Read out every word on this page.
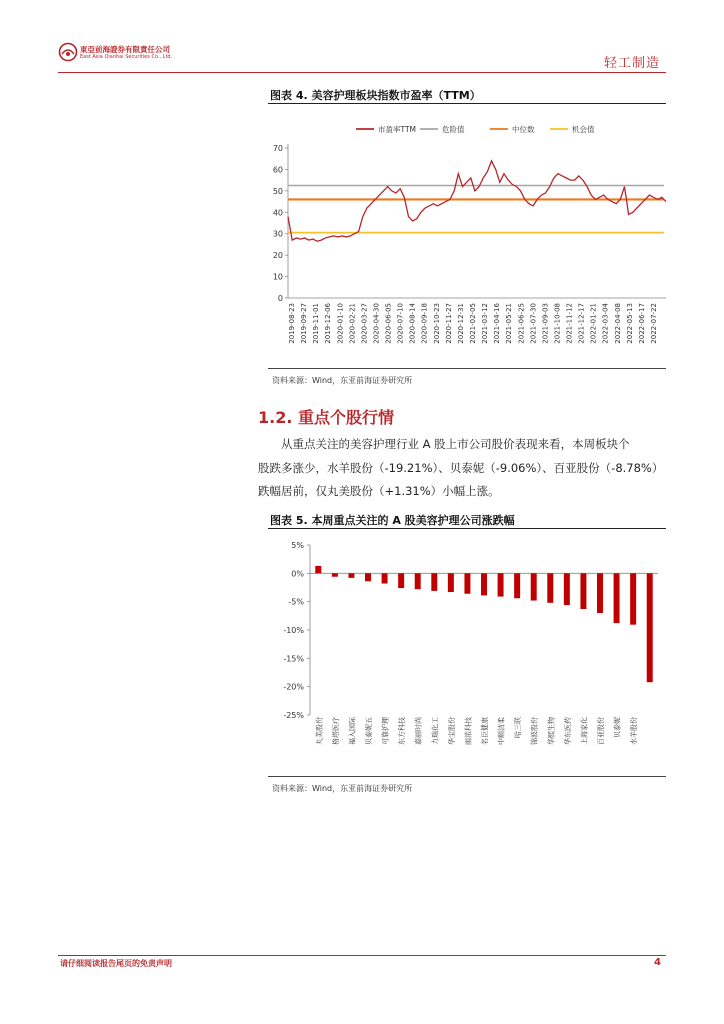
東亞前海證券有限責任公司
East Asia Qianhai Securities Co., Ltd.	轻工制造
图表 4. 美容护理板块指数市盈率（TTM）
市盈率TTM	危险值	中位数	机会值
0
10
20
30
40
50
60
70
2019-08-23 2019-09-27 2019-11-01 2019-12-06 2020-01-10 2020-02-21 2020-03-27 2020-04-30 2020-06-05 2020-07-10 2020-08-14 2020-09-18 2020-10-23 2020-11-27 2020-12-31 2021-02-05 2021-03-12 2021-04-16 2021-05-21 2021-06-25 2021-07-30 2021-09-03 2021-10-08 2021-11-12 2021-12-17 2022-01-21 2022-03-04 2022-04-08 2022-05-13 2022-06-17 2022-07-22
资料来源：Wind，东亚前海证券研究所
1.2. 重点个股行情
从重点关注的美容护理行业 A 股上市公司股价表现来看，本周板块个
股跌多涨少，水羊股份（-19.21%）、贝泰妮（-9.06%）、百亚股份（-8.78%）
跌幅居前，仅丸美股份（+1.31%）小幅上涨。
图表 5. 本周重点关注的 A 股美容护理公司涨跌幅
5%
0%
-5%
-10%
-15%
-20%
-25%
丸美股份 格塔医疗 福入国际 贝泰妮五 可靠护理 东方科技 嘉丽时尚 力瑞化工 华宝股份 雨浓科技 名臣健康 中顺洁柔 哈三联 锦波股份 华熙生物 华东医药 上海家化 百亚股份 贝泰妮 水羊股份
资料来源：Wind，东亚前海证券研究所
请仔细阅读报告尾页的免责声明	4
